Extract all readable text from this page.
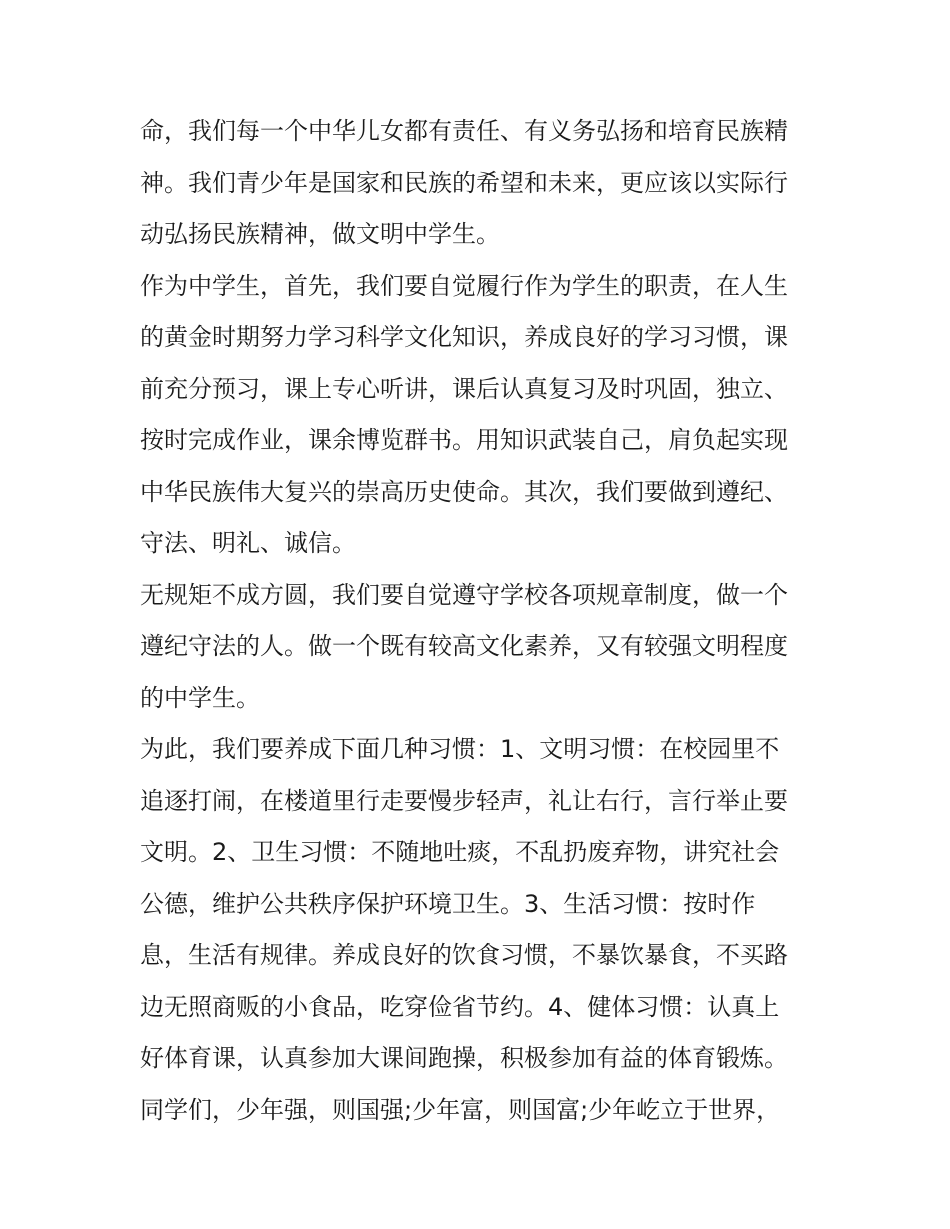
命，我们每一个中华儿女都有责任、有义务弘扬和培育民族精
神。我们青少年是国家和民族的希望和未来，更应该以实际行
动弘扬民族精神，做文明中学生。
作为中学生，首先，我们要自觉履行作为学生的职责，在人生
的黄金时期努力学习科学文化知识，养成良好的学习习惯，课
前充分预习，课上专心听讲，课后认真复习及时巩固，独立、
按时完成作业，课余博览群书。用知识武装自己，肩负起实现
中华民族伟大复兴的崇高历史使命。其次，我们要做到遵纪、
守法、明礼、诚信。
无规矩不成方圆，我们要自觉遵守学校各项规章制度，做一个
遵纪守法的人。做一个既有较高文化素养，又有较强文明程度
的中学生。
为此，我们要养成下面几种习惯：1、文明习惯：在校园里不
追逐打闹，在楼道里行走要慢步轻声，礼让右行，言行举止要
文明。2、卫生习惯：不随地吐痰，不乱扔废弃物，讲究社会
公德，维护公共秩序保护环境卫生。3、生活习惯：按时作
息，生活有规律。养成良好的饮食习惯，不暴饮暴食，不买路
边无照商贩的小食品，吃穿俭省节约。4、健体习惯：认真上
好体育课，认真参加大课间跑操，积极参加有益的体育锻炼。
同学们，少年强，则国强;少年富，则国富;少年屹立于世界，
